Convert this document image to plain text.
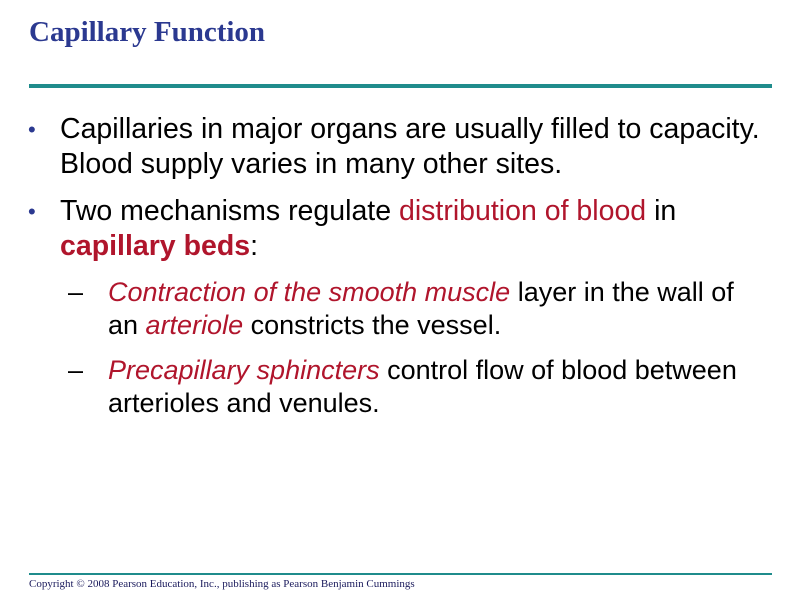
Capillary Function
• Capillaries in major organs are usually filled to capacity. Blood supply varies in many other sites.
• Two mechanisms regulate distribution of blood in capillary beds:
– Contraction of the smooth muscle layer in the wall of an arteriole constricts the vessel.
– Precapillary sphincters control flow of blood between arterioles and venules.
Copyright © 2008 Pearson Education, Inc., publishing as Pearson Benjamin Cummings
